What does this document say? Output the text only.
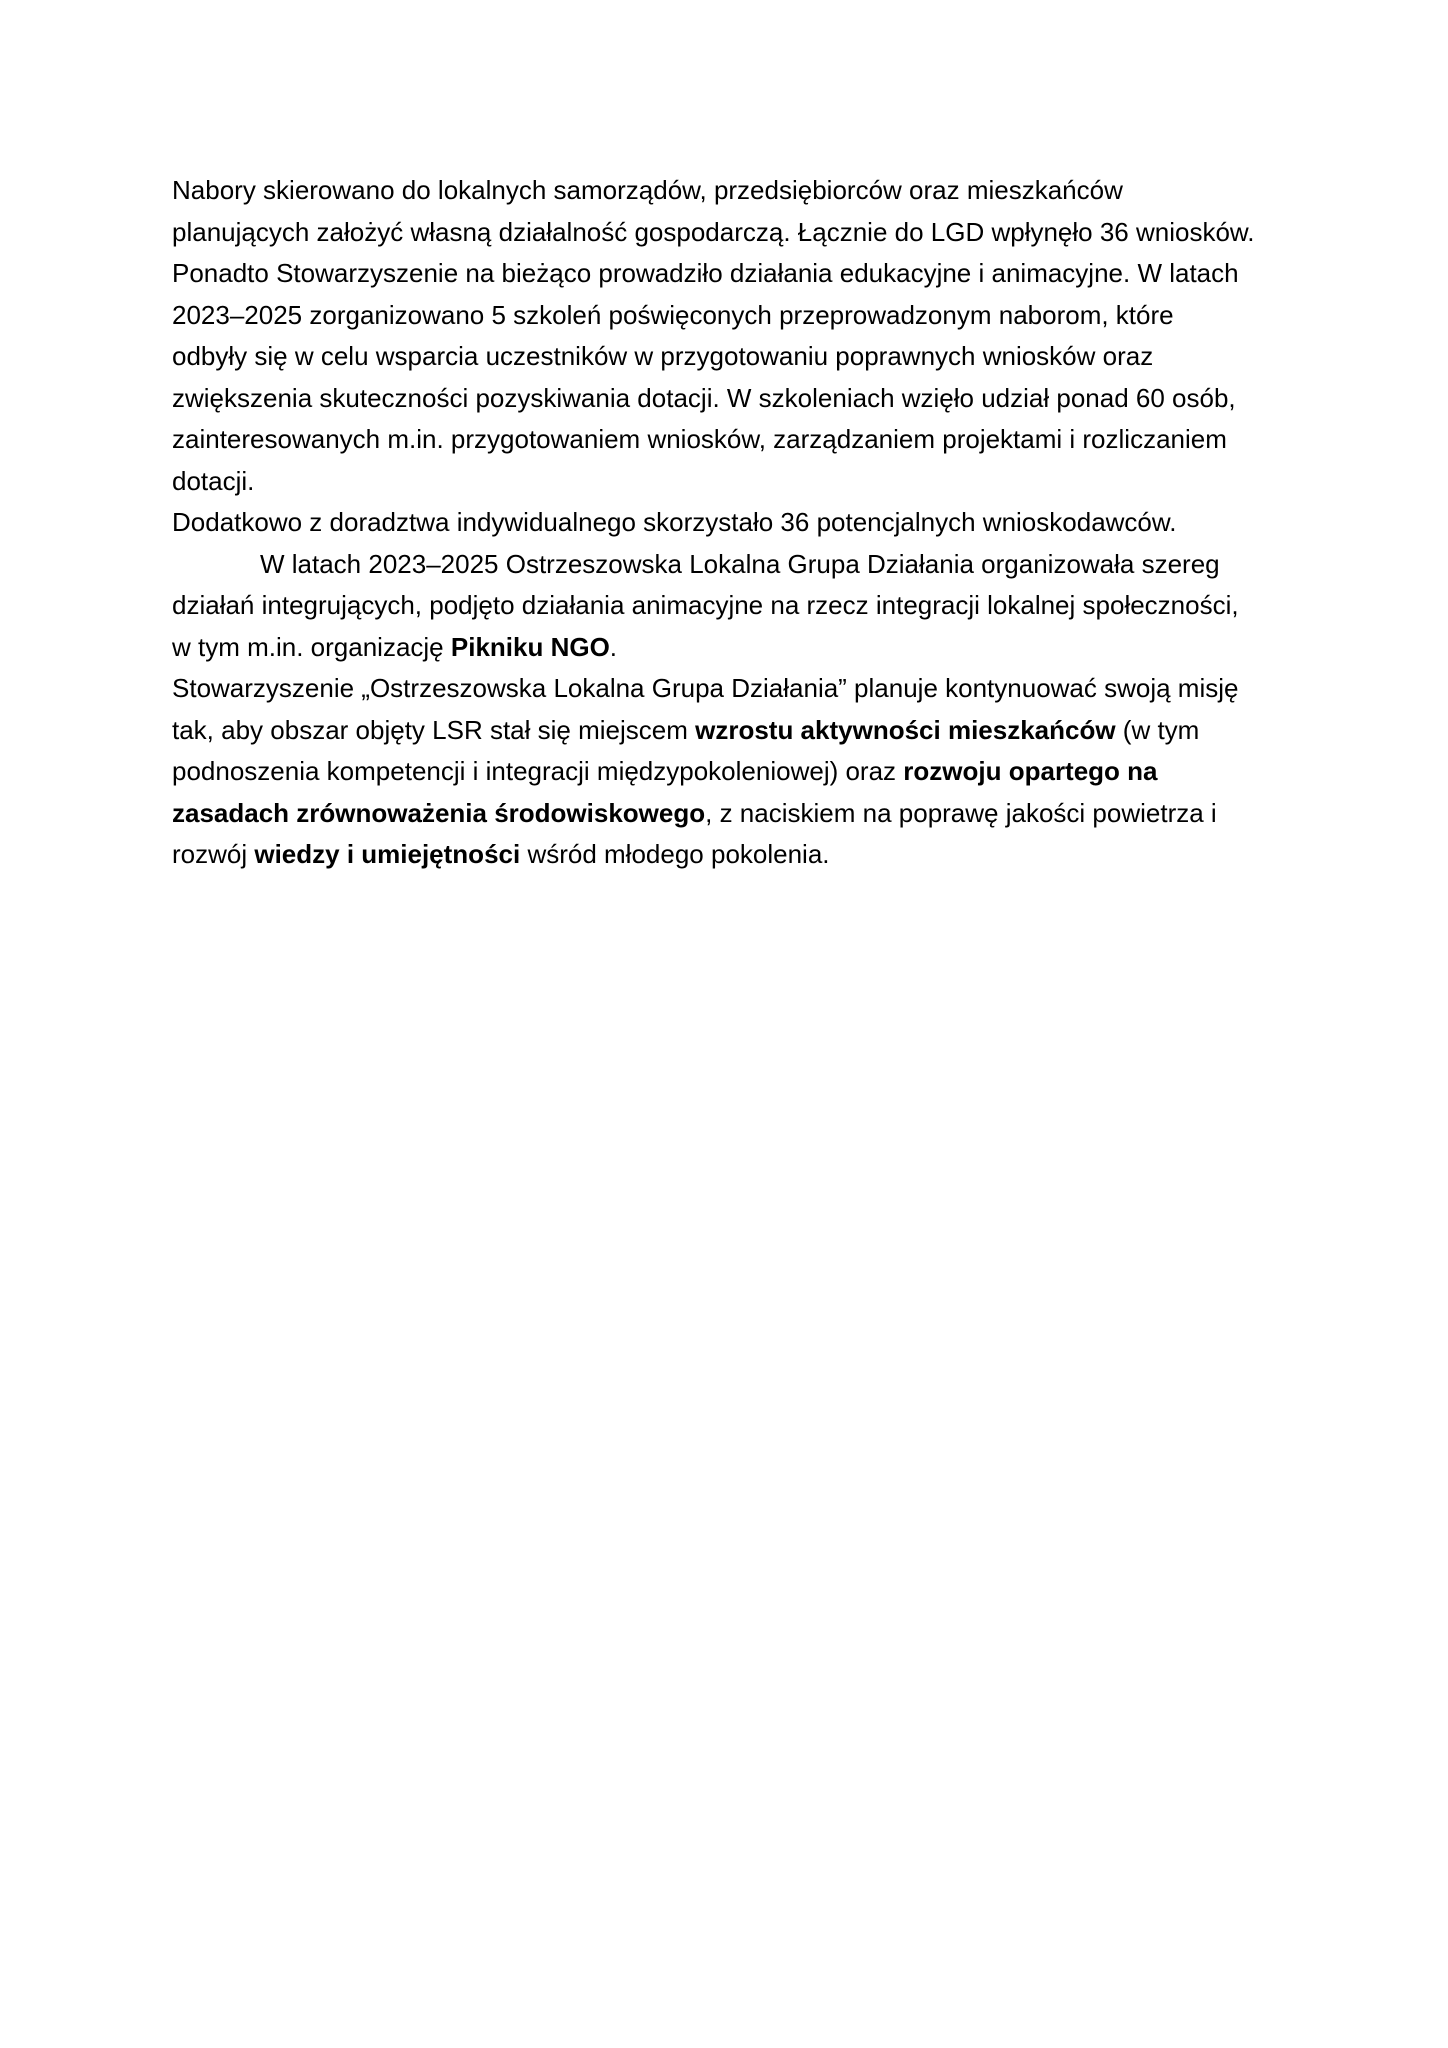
Nabory skierowano do lokalnych samorządów, przedsiębiorców oraz mieszkańców
planujących założyć własną działalność gospodarczą. Łącznie do LGD wpłynęło 36 wniosków.
Ponadto Stowarzyszenie na bieżąco prowadziło działania edukacyjne i animacyjne. W latach
2023–2025 zorganizowano 5 szkoleń poświęconych przeprowadzonym naborom, które
odbyły się w celu wsparcia uczestników w przygotowaniu poprawnych wniosków oraz
zwiększenia skuteczności pozyskiwania dotacji. W szkoleniach wzięło udział ponad 60 osób,
zainteresowanych m.in. przygotowaniem wniosków, zarządzaniem projektami i rozliczaniem
dotacji.
Dodatkowo z doradztwa indywidualnego skorzystało 36 potencjalnych wnioskodawców.
W latach 2023–2025 Ostrzeszowska Lokalna Grupa Działania organizowała szereg
działań integrujących, podjęto działania animacyjne na rzecz integracji lokalnej społeczności,
w tym m.in. organizację Pikniku NGO.
Stowarzyszenie „Ostrzeszowska Lokalna Grupa Działania” planuje kontynuować swoją misję
tak, aby obszar objęty LSR stał się miejscem wzrostu aktywności mieszkańców (w tym
podnoszenia kompetencji i integracji międzypokoleniowej) oraz rozwoju opartego na
zasadach zrównoważenia środowiskowego, z naciskiem na poprawę jakości powietrza i
rozwój wiedzy i umiejętności wśród młodego pokolenia.
